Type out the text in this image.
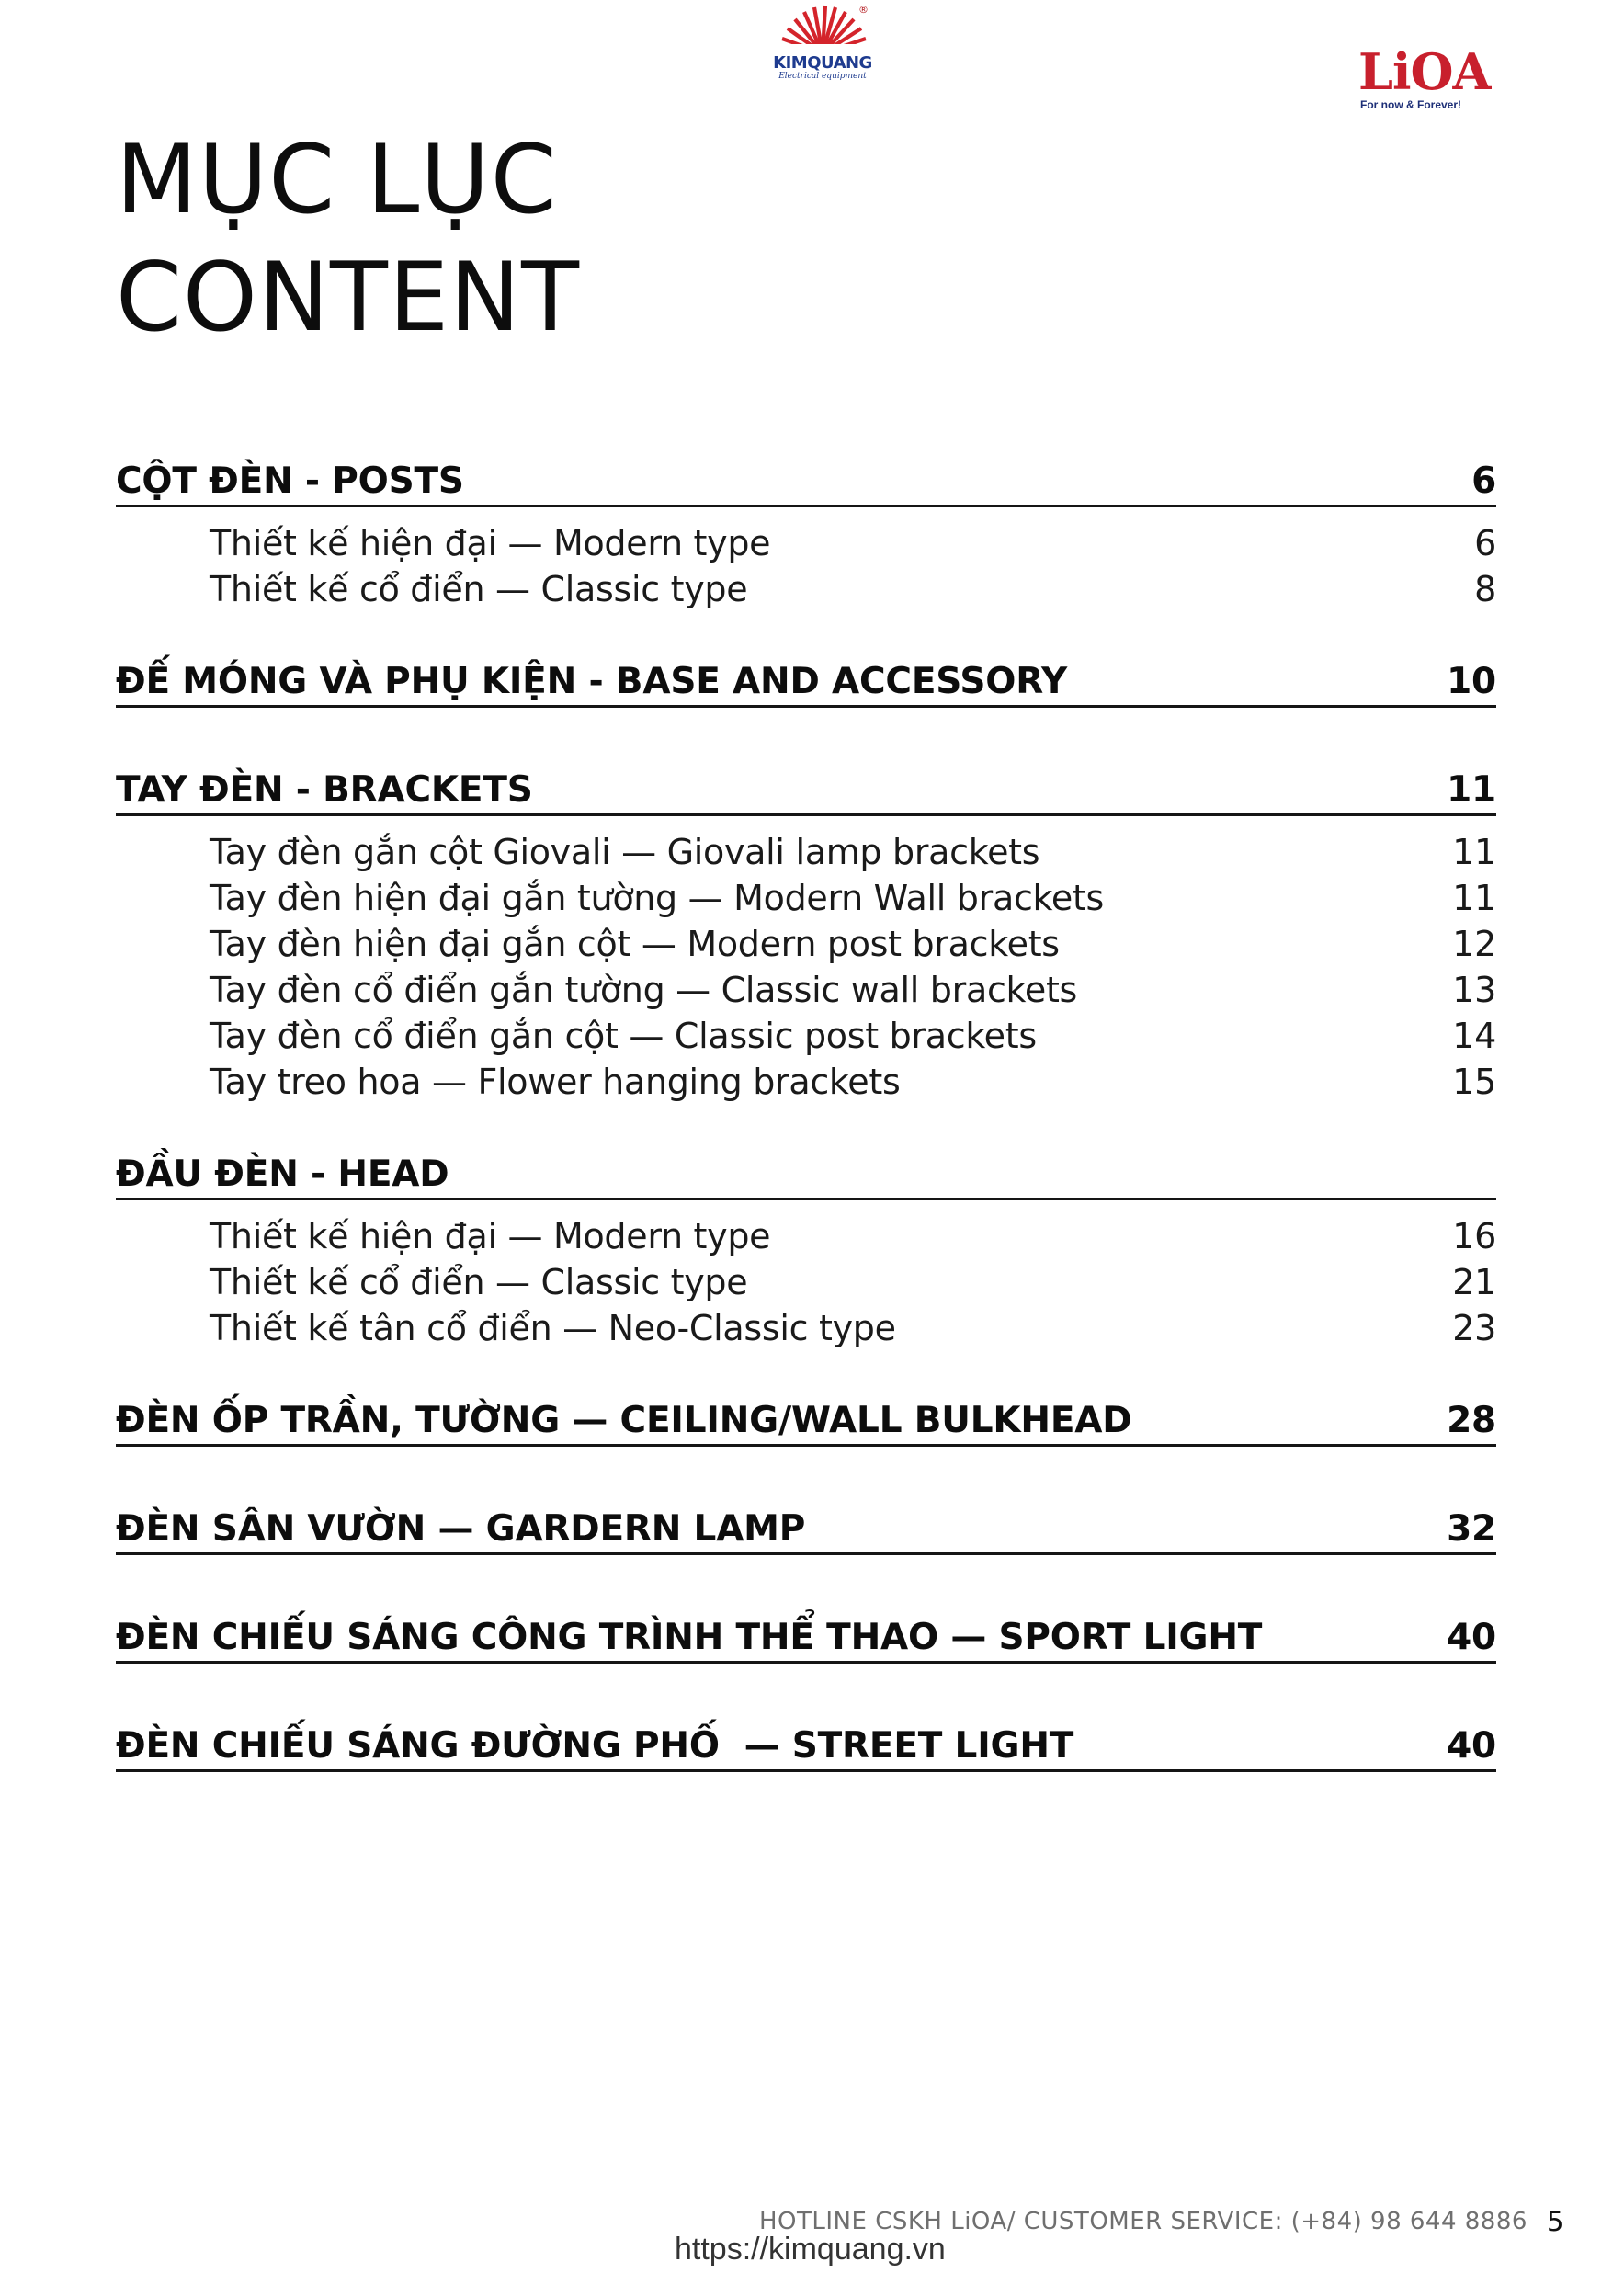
®
KIMQUANG
Electrical equipment	LiOA
For now & Forever!
MỤC LỤC
CONTENT
CỘT ĐÈN - POSTS	6
Thiết kế hiện đại — Modern type	6
Thiết kế cổ điển — Classic type	8
ĐẾ MÓNG VÀ PHỤ KIỆN - BASE AND ACCESSORY	10
TAY ĐÈN - BRACKETS	11
Tay đèn gắn cột Giovali — Giovali lamp brackets	11
Tay đèn hiện đại gắn tường — Modern Wall brackets	11
Tay đèn hiện đại gắn cột — Modern post brackets	12
Tay đèn cổ điển gắn tường — Classic wall brackets	13
Tay đèn cổ điển gắn cột — Classic post brackets	14
Tay treo hoa — Flower hanging brackets	15
ĐẦU ĐÈN - HEAD
Thiết kế hiện đại — Modern type	16
Thiết kế cổ điển — Classic type	21
Thiết kế tân cổ điển — Neo-Classic type	23
ĐÈN ỐP TRẦN, TƯỜNG — CEILING/WALL BULKHEAD	28
ĐÈN SÂN VƯỜN — GARDERN LAMP	32
ĐÈN CHIẾU SÁNG CÔNG TRÌNH THỂ THAO — SPORT LIGHT	40
ĐÈN CHIẾU SÁNG ĐƯỜNG PHỐ  — STREET LIGHT	40
HOTLINE CSKH LiOA/ CUSTOMER SERVICE: (+84) 98 644 8886
https://kimquang.vn
5
